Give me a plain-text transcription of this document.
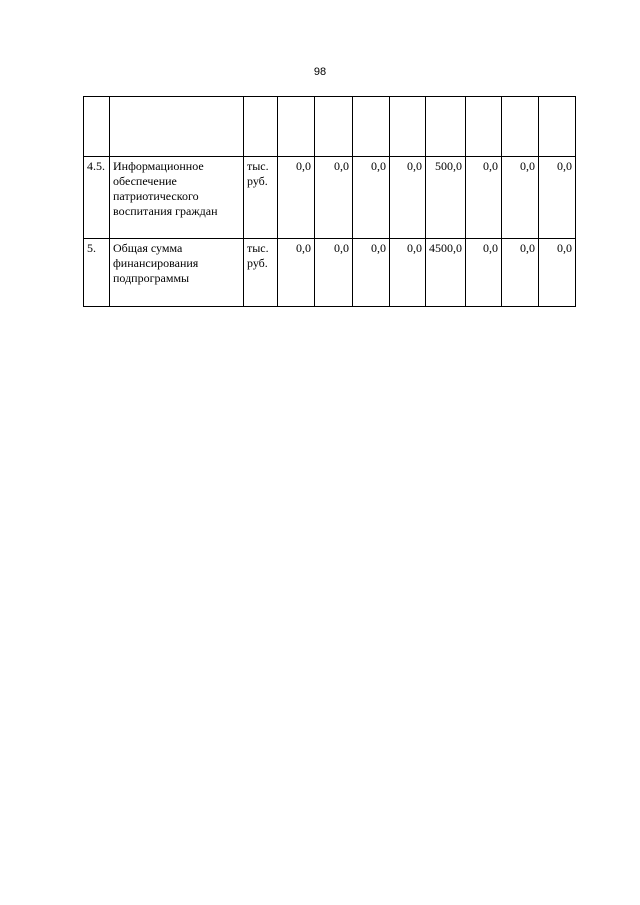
98

4.5.	Информационное обеспечение патриотического воспитания граждан	тыс. руб.	0,0	0,0	0,0	0,0	500,0	0,0	0,0	0,0
5.	Общая сумма финансирования подпрограммы	тыс. руб.	0,0	0,0	0,0	0,0	4500,0	0,0	0,0	0,0
